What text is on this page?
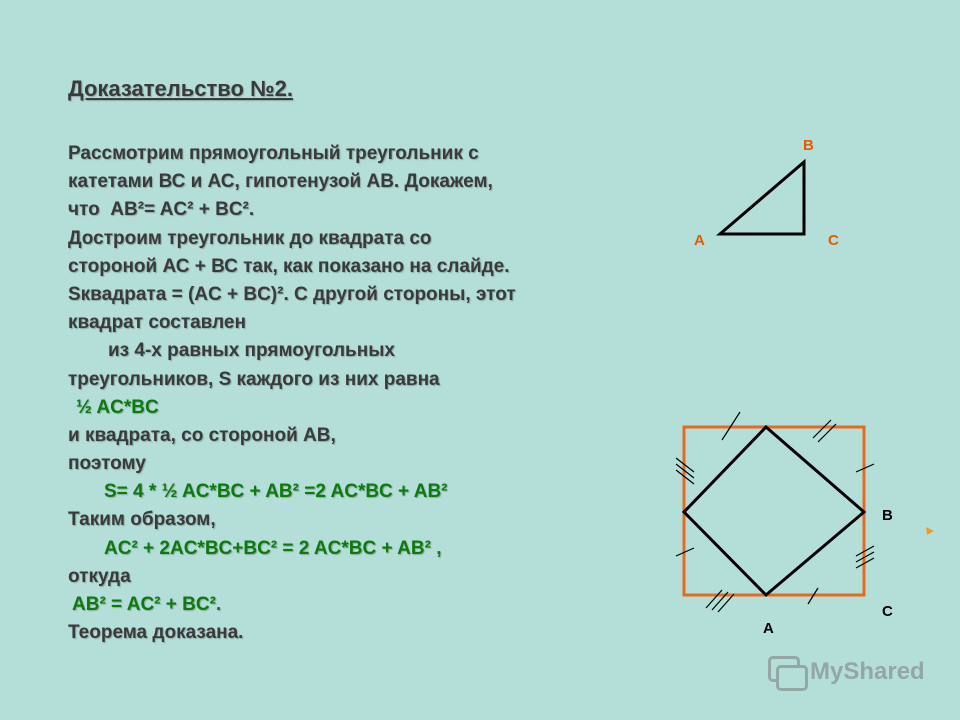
Доказательство №2.
Рассмотрим прямоугольный треугольник с
катетами ВС и АС, гипотенузой АВ. Докажем,
что  AB²= AC² + BC².
Достроим треугольник до квадрата со
стороной АС + ВС так, как показано на слайде.
Sквадрата = (AC + BC)². С другой стороны, этот
квадрат составлен
из 4-х равных прямоугольных
треугольников, S каждого из них равна
½ AC*BC
и квадрата, со стороной АВ,
поэтому
S= 4 * ½ AC*BC + AB² =2 AC*BC + AB²
Таким образом,
AC² + 2AC*BC+BC² = 2 AC*BC + AB² ,
откуда
AB² = AC² + BC².
Теорема доказана.
A
B
C
A
B
C
MyShared
